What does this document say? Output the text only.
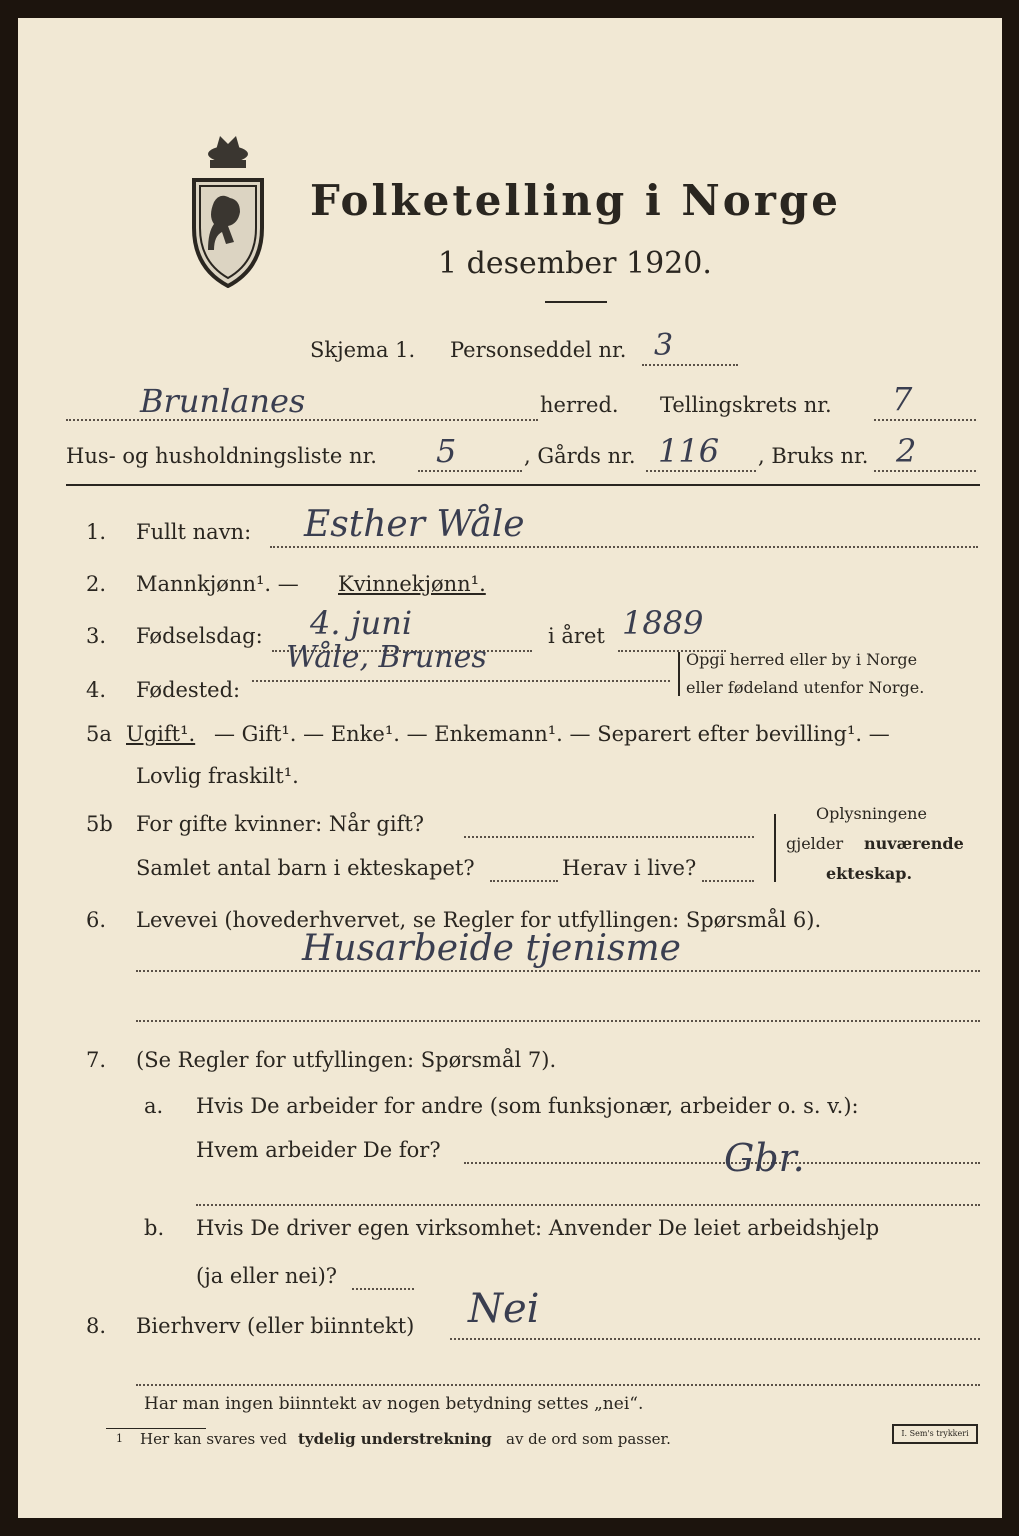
Folketelling i Norge
1 desember 1920.
Skjema 1. Personseddel nr. 3
Brunlanes	herred. Tellingskrets nr. 7
Hus- og husholdningsliste nr. 5	, Gårds nr. 116 , Bruks nr. 2
1. Fullt navn: Esther Wåle
2. Mannkjønn¹. — Kvinnekjønn¹.
3. Fødselsdag: 4. juni	i året 1889
4. Fødested:
Wåle, Brunes	Opgi herred eller by i Norge
eller fødeland utenfor Norge.
5a Ugift¹. — Gift¹. — Enke¹. — Enkemann¹. — Separert efter bevilling¹. —
Lovlig fraskilt¹.
5b For gifte kvinner: Når gift?
Samlet antal barn i ekteskapet?	Herav i live?
Oplysningene
gjelder nuværende
ekteskap.
6. Levevei (hovederhvervet, se Regler for utfyllingen: Spørsmål 6).
Husarbeide tjenisme
7. (Se Regler for utfyllingen: Spørsmål 7).
a. Hvis De arbeider for andre (som funksjonær, arbeider o. s. v.):
Hvem arbeider De for?	Gbr.
b. Hvis De driver egen virksomhet: Anvender De leiet arbeidshjelp
(ja eller nei)?
8. Bierhverv (eller biinntekt) Nei
Har man ingen biinntekt av nogen betydning settes „nei“.
1 Her kan svares ved tydelig understrekning av de ord som passer.	I. Sem's trykkeri
